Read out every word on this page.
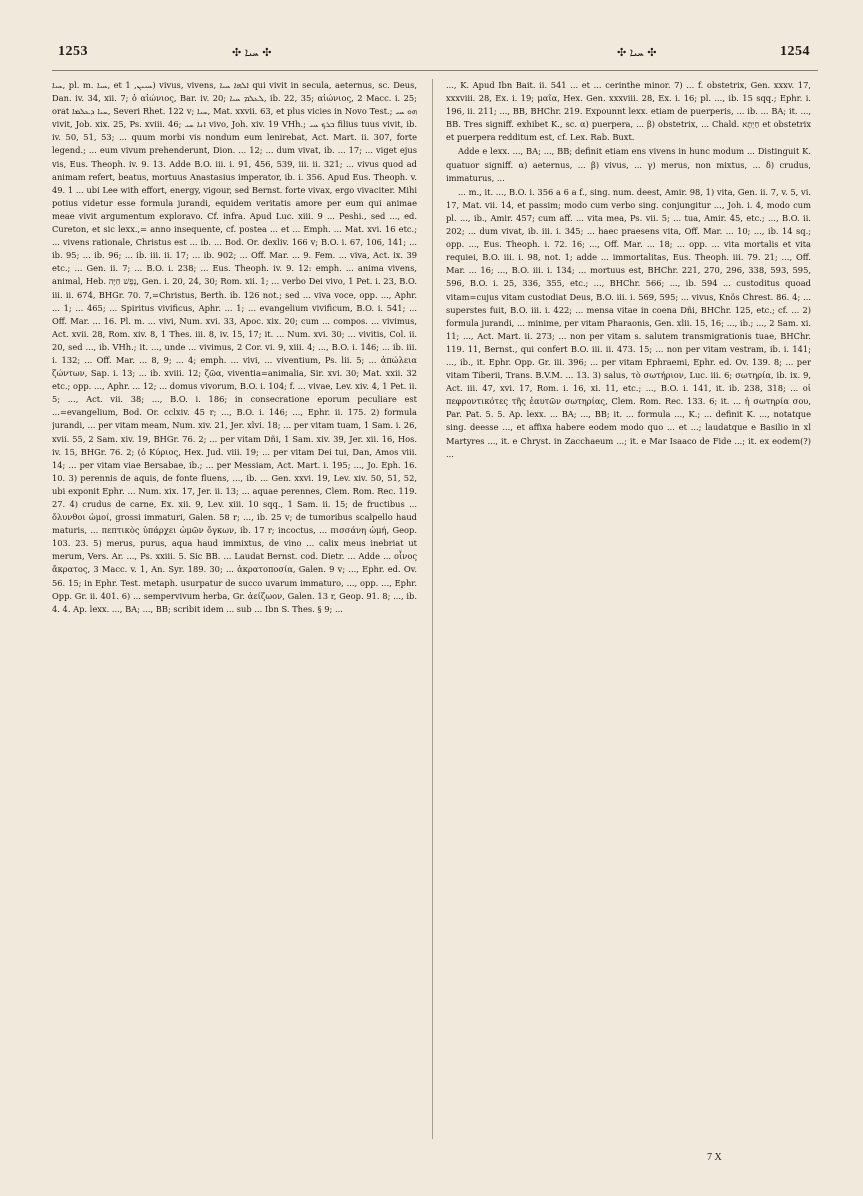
1253	✣ ܚܝܐ ✣	✣ ܚܝܐ ✣	1254

ܚܝܐ, pl. m. ܚܝܐ, et ܚܝܝܢ, 1) vivus, vivens, ܐܠܗܐ ܚܝܐ qui vivit in secula, aeternus, sc. Deus, Dan. iv. 34, xii. 7; ὁ αἰώνιος, Bar. iv. 20; ܠܥܠܡ ܚܝܐ, ib. 22, 35; αἰώνιος, 2 Macc. i. 25; orat ܚܝܐ ܕܥܠܡܐ, Severi Rhet. 122 v; ܚܝܐ, Mat. xxvii. 63, et plus vicies in Novo Test.; ܗܘ ܚܝ vivit, Job. xix. 25, Ps. xviii. 46; ܐܢܐ ܚܝ vivo, Joh. xiv. 19 VHh.; ܒܪܟ ܚܝ filius tuus vivit, ib. iv. 50, 51, 53; ... quum morbi vis nondum eum lenirebat, Act. Mart. ii. 307, forte legend.; ... eum vivum prehenderunt, Dion. ... 12; ... dum vivat, ib. ... 17; ... viget ejus vis, Eus. Theoph. iv. 9. 13. Adde B.O. iii. i. 91, 456, 539, iii. ii. 321; ... vivus quod ad animam refert, beatus, mortuus Anastasius imperator, ib. i. 356. Apud Eus. Theoph. v. 49. 1 ... ubi Lee with effort, energy, vigour, sed Bernst. forte vivax, ergo vivaciter. Mihi potius videtur esse formula jurandi, equidem veritatis amore per eum qui animae meae vivit argumentum exploravo. Cf. infra. Apud Luc. xiii. 9 ... Peshi., sed ..., ed. Cureton, et sic lexx.,= anno insequente, cf. postea ... et ... Emph. ... Mat. xvi. 16 etc.; ... vivens rationale, Christus est ... ib. ... Bod. Or. dexliv. 166 v; B.O. i. 67, 106, 141; ... ib. 95; ... ib. 96; ... ib. iii. ii. 17; ... ib. 902; ... Off. Mar. ... 9. Fem. ... viva, Act. ix. 39 etc.; ... Gen. ii. 7; ... B.O. i. 238; ... Eus. Theoph. iv. 9. 12: emph. ... anima vivens, animal, Heb. נֶפֶשׁ חַיָּה, Gen. i. 20, 24, 30; Rom. xii. 1; ... verbo Dei vivo, 1 Pet. i. 23, B.O. iii. ii. 674, BHGr. 70. 7,=Christus, Berth. ib. 126 not.; sed ... viva voce, opp. ..., Aphr. ... 1; ... 465; ... Spiritus vivificus, Aphr. ... 1; ... evangelium vivificum, B.O. i. 541; ... Off. Mar. ... 16. Pl. m. ... vivi, Num. xvi. 33, Apoc. xix. 20; cum ... compos. ... vivimus, Act. xvii. 28, Rom. xiv. 8, 1 Thes. iii. 8, iv. 15, 17; it. ... Num. xvi. 30; ... vivitis, Col. ii. 20, sed ..., ib. VHh.; it. ..., unde ... vivimus, 2 Cor. vi. 9, xiii. 4; ..., B.O. i. 146; ... ib. iii. i. 132; ... Off. Mar. ... 8, 9; ... 4; emph. ... vivi, ... viventium, Ps. lii. 5; ... ἀπώλεια ζώντων, Sap. i. 13; ... ib. xviii. 12; ζῶα, viventia=animalia, Sir. xvi. 30; Mat. xxii. 32 etc.; opp. ..., Aphr. ... 12; ... domus vivorum, B.O. i. 104; f. ... vivae, Lev. xiv. 4, 1 Pet. ii. 5; ..., Act. vii. 38; ..., B.O. i. 186; in consecratione eporum peculiare est ...=evangelium, Bod. Or. cclxiv. 45 r; ..., B.O. i. 146; ..., Ephr. ii. 175. 2) formula jurandi, ... per vitam meam, Num. xiv. 21, Jer. xlvi. 18; ... per vitam tuam, 1 Sam. i. 26, xvii. 55, 2 Sam. xiv. 19, BHGr. 76. 2; ... per vitam Dñi, 1 Sam. xiv. 39, Jer. xii. 16, Hos. iv. 15, BHGr. 76. 2; (ὁ Κύριος, Hex. Jud. viii. 19; ... per vitam Dei tui, Dan, Amos viii. 14; ... per vitam viae Bersabae, ib.; ... per Messiam, Act. Mart. i. 195; ..., Jo. Eph. 16. 10. 3) perennis de aquis, de fonte fluens, ..., ib. ... Gen. xxvi. 19, Lev. xiv. 50, 51, 52, ubi exponit Ephr. ... Num. xix. 17, Jer. ii. 13; ... aquae perennes, Clem. Rom. Rec. 119. 27. 4) crudus de carne, Ex. xii. 9, Lev. xiii. 10 sqq., 1 Sam. ii. 15; de fructibus ... ὄλυνθοι ὠμοί, grossi immaturi, Galen. 58 r; ..., ib. 25 v; de tumoribus scalpello haud maturis, ... πεπτικὸς ὑπάρχει ὠμῶν ὄγκων, ib. 17 r; incoctus, ... πισσάνη ὠμή, Geop. 103. 23. 5) merus, purus, aqua haud immixtus, de vino ... calix meus inebriat ut merum, Vers. Ar. ..., Ps. xxiii. 5. Sic BB. ... Laudat Bernst. cod. Dietr. ... Adde ... οἶνος ἄκρατος, 3 Macc. v. 1, An. Syr. 189. 30; ... ἀκρατοποσία, Galen. 9 v; ..., Ephr. ed. Ov. 56. 15; in Ephr. Test. metaph. usurpatur de succo uvarum immaturo, ..., opp. ..., Ephr. Opp. Gr. ii. 401. 6) ... sempervivum herba, Gr. ἀείζωον, Galen. 13 r, Geop. 91. 8; ..., ib. 4. 4. Ap. lexx. ..., BA; ..., BB; scribit idem ... sub ... Ibn S. Thes. § 9; ...

..., K. Apud Ibn Bait. ii. 541 ... et ... cerinthe minor. 7) ... f. obstetrix, Gen. xxxv. 17, xxxviii. 28, Ex. i. 19; μαῖα, Hex. Gen. xxxviii. 28, Ex. i. 16; pl. ..., ib. 15 sqq.; Ephr. i. 196, ii. 211; ..., BB, BHChr. 219. Expounnt lexx. etiam de puerperis, ... ib. ... BA; it. ..., BB. Tres signiff. exhibet K., sc. α) puerpera, ... β) obstetrix, ... Chald. חַיְתָא et obstetrix et puerpera redditum est, cf. Lex. Rab. Buxt.

Adde e lexx. ..., BA; ..., BB; definit etiam ens vivens in hunc modum ... Distinguit K. quatuor signiff. α) aeternus, ... β) vivus, ... γ) merus, non mixtus, ... δ) crudus, immaturus, ...

... m., it. ..., B.O. i. 356 a 6 a f., sing. num. deest, Amir. 98, 1) vita, Gen. ii. 7, v. 5, vi. 17, Mat. vii. 14, et passim; modo cum verbo sing. conjungitur ..., Joh. i. 4, modo cum pl. ..., ib., Amir. 457; cum aff. ... vita mea, Ps. vii. 5; ... tua, Amir. 45, etc.; ..., B.O. ii. 202; ... dum vivat, ib. iii. i. 345; ... haec praesens vita, Off. Mar. ... 10; ..., ib. 14 sq.; opp. ..., Eus. Theoph. i. 72. 16; ..., Off. Mar. ... 18; ... opp. ... vita mortalis et vita requiei, B.O. iii. i. 98, not. 1; adde ... immortalitas, Eus. Theoph. iii. 79. 21; ..., Off. Mar. ... 16; ..., B.O. iii. i. 134; ... mortuus est, BHChr. 221, 270, 296, 338, 593, 595, 596, B.O. i. 25, 336, 355, etc.; ..., BHChr. 566; ..., ib. 594 ... custoditus quoad vitam=cujus vitam custodiat Deus, B.O. iii. i. 569, 595; ... vivus, Knös Chrest. 86. 4; ... superstes fuit, B.O. iii. i. 422; ... mensa vitae in coena Dñi, BHChr. 125, etc.; cf. ... 2) formula jurandi, ... minime, per vitam Pharaonis, Gen. xlii. 15, 16; ..., ib.; ..., 2 Sam. xi. 11; ..., Act. Mart. ii. 273; ... non per vitam s. salutem transmigrationis tuae, BHChr. 119. 11, Bernst., qui confert B.O. iii. ii. 473. 15; ... non per vitam vestram, ib. i. 141; ..., ib., it. Ephr. Opp. Gr. iii. 396; ... per vitam Ephraemi, Ephr. ed. Ov. 139. 8; ... per vitam Tiberii, Trans. B.V.M. ... 13. 3) salus, τὸ σωτήριον, Luc. iii. 6; σωτηρία, ib. ix. 9, Act. iii. 47, xvi. 17, Rom. i. 16, xi. 11, etc.; ..., B.O. i. 141, it. ib. 238, 318; ... οἱ πεφροντικότες τῆς ἑαυτῶν σωτηρίας, Clem. Rom. Rec. 133. 6; it. ... ἡ σωτηρία σου, Par. Pat. 5. 5. Ap. lexx. ... BA; ..., BB; it. ... formula ..., K.; ... definit K. ..., notatque sing. deesse ..., et affixa habere eodem modo quo ... et ...; laudatque e Basilio in xl Martyres ..., it. e Chryst. in Zacchaeum ...; it. e Mar Isaaco de Fide ...; it. ex eodem(?) ...

7 X
